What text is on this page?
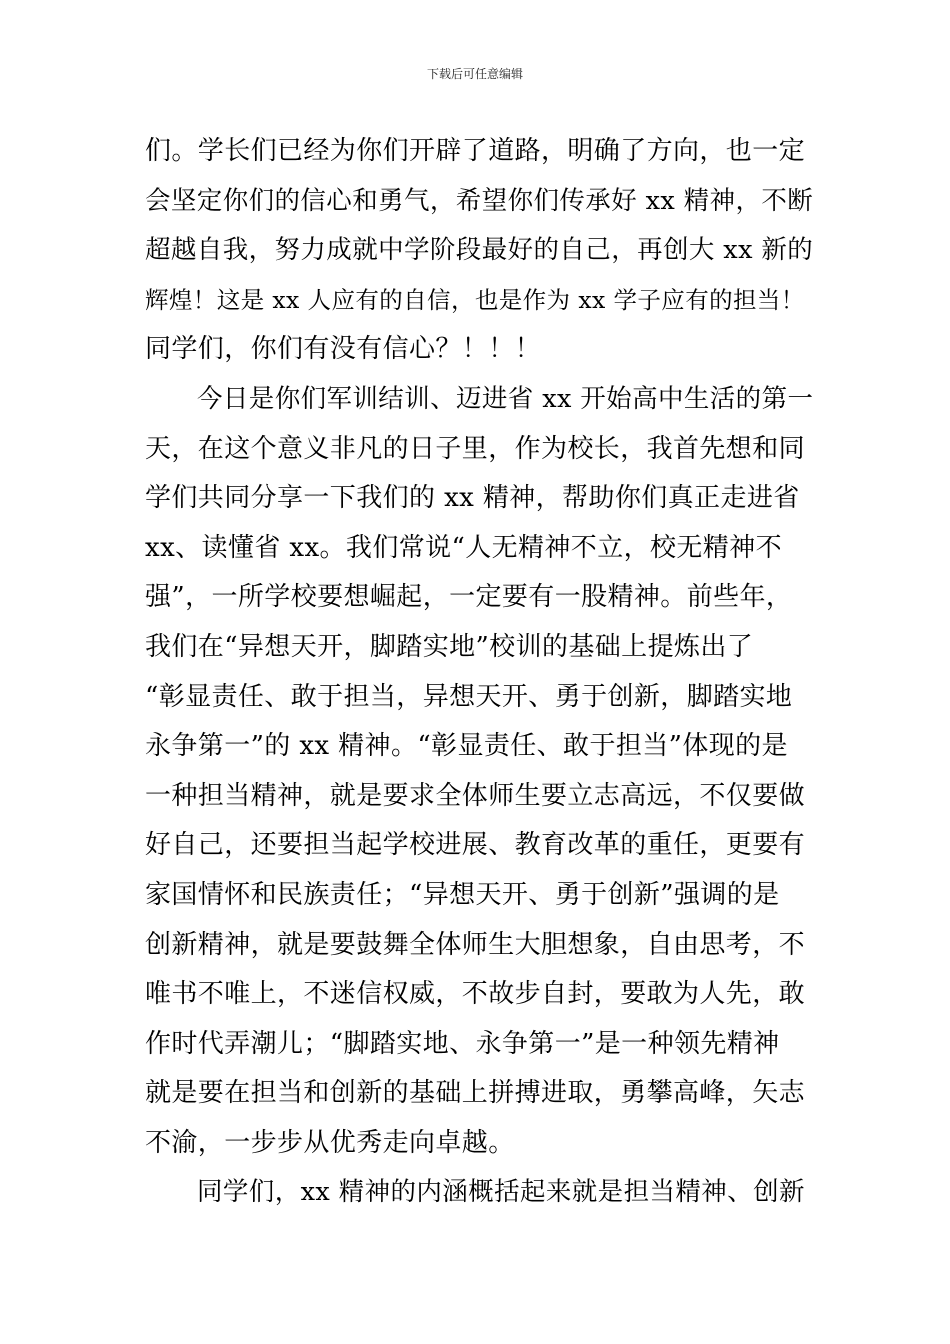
下载后可任意编辑
们。学长们已经为你们开辟了道路，明确了方向，也一定
会坚定你们的信心和勇气，希望你们传承好 xx 精神，不断
超越自我，努力成就中学阶段最好的自己，再创大 xx 新的
辉煌！这是 xx 人应有的自信，也是作为 xx 学子应有的担当！
同学们，你们有没有信心？！！！
今日是你们军训结训、迈进省 xx 开始高中生活的第一
天，在这个意义非凡的日子里，作为校长，我首先想和同
学们共同分享一下我们的 xx 精神，帮助你们真正走进省
xx、读懂省 xx。我们常说“人无精神不立，校无精神不
强”，一所学校要想崛起，一定要有一股精神。前些年，
我们在“异想天开，脚踏实地”校训的基础上提炼出了
“彰显责任、敢于担当，异想天开、勇于创新，脚踏实地
永争第一”的 xx 精神。“彰显责任、敢于担当”体现的是
一种担当精神，就是要求全体师生要立志高远，不仅要做
好自己，还要担当起学校进展、教育改革的重任，更要有
家国情怀和民族责任；“异想天开、勇于创新”强调的是
创新精神，就是要鼓舞全体师生大胆想象，自由思考，不
唯书不唯上，不迷信权威，不故步自封，要敢为人先，敢
作时代弄潮儿；“脚踏实地、永争第一”是一种领先精神
就是要在担当和创新的基础上拼搏进取，勇攀高峰，矢志
不渝，一步步从优秀走向卓越。
同学们，xx 精神的内涵概括起来就是担当精神、创新
